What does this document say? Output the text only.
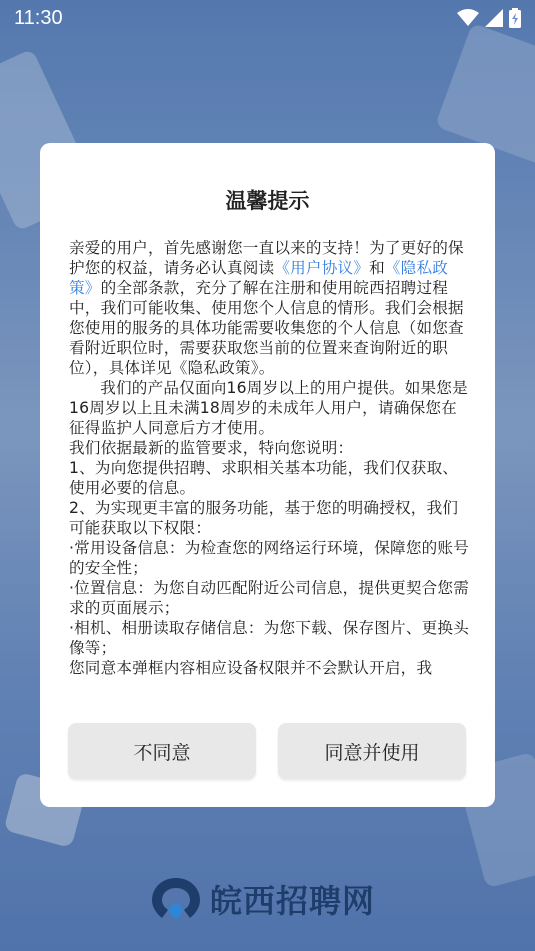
11:30
温馨提示

亲爱的用户，首先感谢您一直以来的支持！为了更好的保护您的权益，请务必认真阅读《用户协议》和《隐私政策》的全部条款，充分了解在注册和使用皖西招聘过程中，我们可能收集、使用您个人信息的情形。我们会根据您使用的服务的具体功能需要收集您的个人信息（如您查看附近职位时，需要获取您当前的位置来查询附近的职位），具体详见《隐私政策》。

我们的产品仅面向16周岁以上的用户提供。如果您是16周岁以上且未满18周岁的未成年人用户，请确保您在征得监护人同意后方才使用。

我们依据最新的监管要求，特向您说明：

1、为向您提供招聘、求职相关基本功能，我们仅获取、使用必要的信息。

2、为实现更丰富的服务功能，基于您的明确授权，我们可能获取以下权限：

·常用设备信息：为检查您的网络运行环境，保障您的账号的安全性；

·位置信息：为您自动匹配附近公司信息，提供更契合您需求的页面展示；

·相机、相册读取存储信息：为您下载、保存图片、更换头像等；

您同意本弹框内容相应设备权限并不会默认开启，我

不同意	同意并使用
皖西招聘网
